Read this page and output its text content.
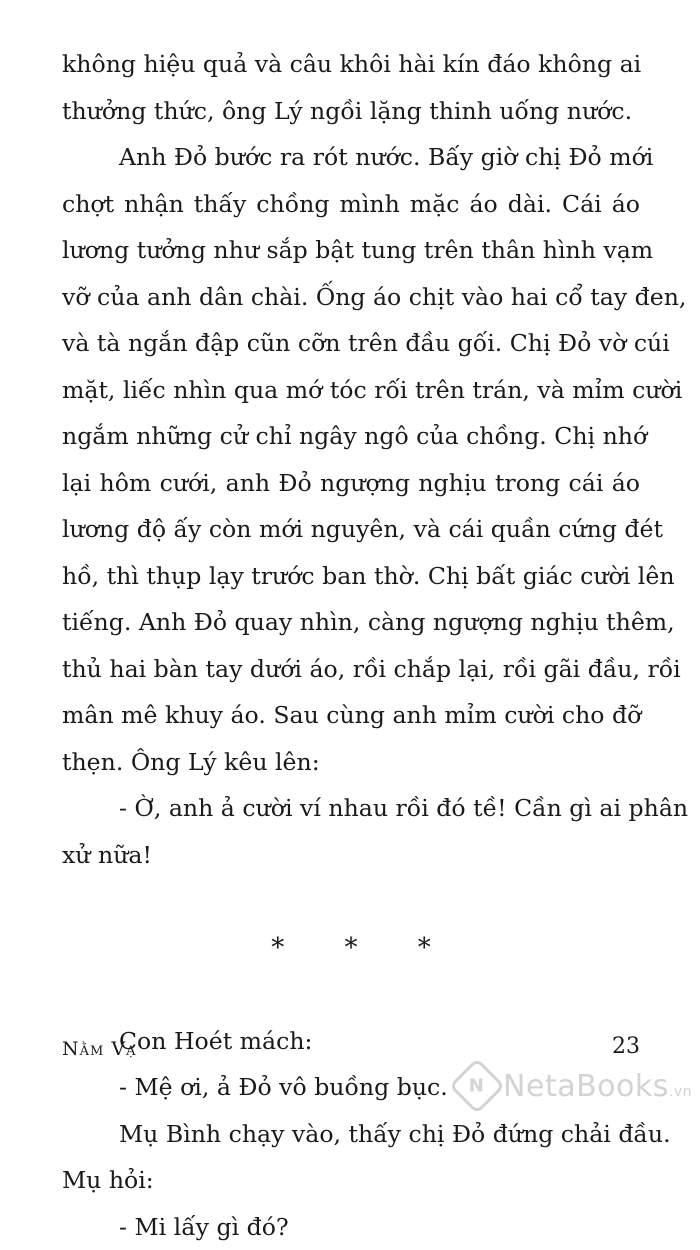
không hiệu quả và câu khôi hài kín đáo không ai
thưởng thức, ông Lý ngồi lặng thinh uống nước.
Anh Đỏ bước ra rót nước. Bấy giờ chị Đỏ mới
chợt nhận thấy chồng mình mặc áo dài. Cái áo
lương tưởng như sắp bật tung trên thân hình vạm
vỡ của anh dân chài. Ống áo chịt vào hai cổ tay đen,
và tà ngắn đập cũn cỡn trên đầu gối. Chị Đỏ vờ cúi
mặt, liếc nhìn qua mớ tóc rối trên trán, và mỉm cười
ngắm những cử chỉ ngây ngô của chồng. Chị nhớ
lại hôm cưới, anh Đỏ ngượng nghịu trong cái áo
lương độ ấy còn mới nguyên, và cái quần cứng đét
hồ, thì thụp lạy trước ban thờ. Chị bất giác cười lên
tiếng. Anh Đỏ quay nhìn, càng ngượng nghịu thêm,
thủ hai bàn tay dưới áo, rồi chắp lại, rồi gãi đầu, rồi
mân mê khuy áo. Sau cùng anh mỉm cười cho đỡ
thẹn. Ông Lý kêu lên:
- Ờ, anh ả cười ví nhau rồi đó tề! Cần gì ai phân
xử nữa!
* * *
Con Hoét mách:
- Mệ ơi, ả Đỏ vô buồng bục.
Mụ Bình chạy vào, thấy chị Đỏ đứng chải đầu.
Mụ hỏi:
- Mi lấy gì đó?
Nằm Vạ	23
N NetaBooks.vn
